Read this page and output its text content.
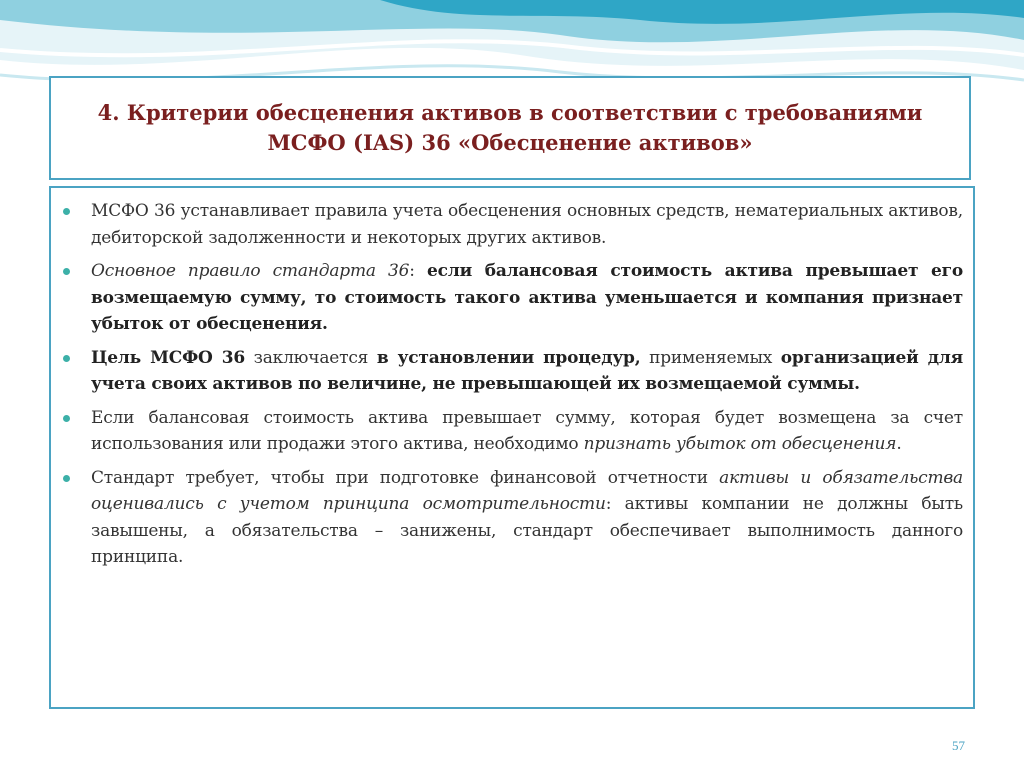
4. Критерии обесценения активов в соответствии с требованиями
МСФО (IAS) 36 «Обесценение активов»
МСФО 36 устанавливает правила учета обесценения основных средств, нематериальных активов, дебиторской задолженности и некоторых других активов.
Основное правило стандарта 36: если балансовая стоимость актива превышает его возмещаемую сумму, то стоимость такого актива уменьшается и компания признает убыток от обесценения.
Цель МСФО 36 заключается в установлении процедур, применяемых организацией для учета своих активов по величине, не превышающей их возмещаемой суммы.
Если балансовая стоимость актива превышает сумму, которая будет возмещена за счет использования или продажи этого актива, необходимо признать убыток от обесценения.
Стандарт требует, чтобы при подготовке финансовой отчетности активы и обязательства оценивались с учетом принципа осмотрительности: активы компании не должны быть завышены, а обязательства – занижены, стандарт обеспечивает выполнимость данного принципа.
57
